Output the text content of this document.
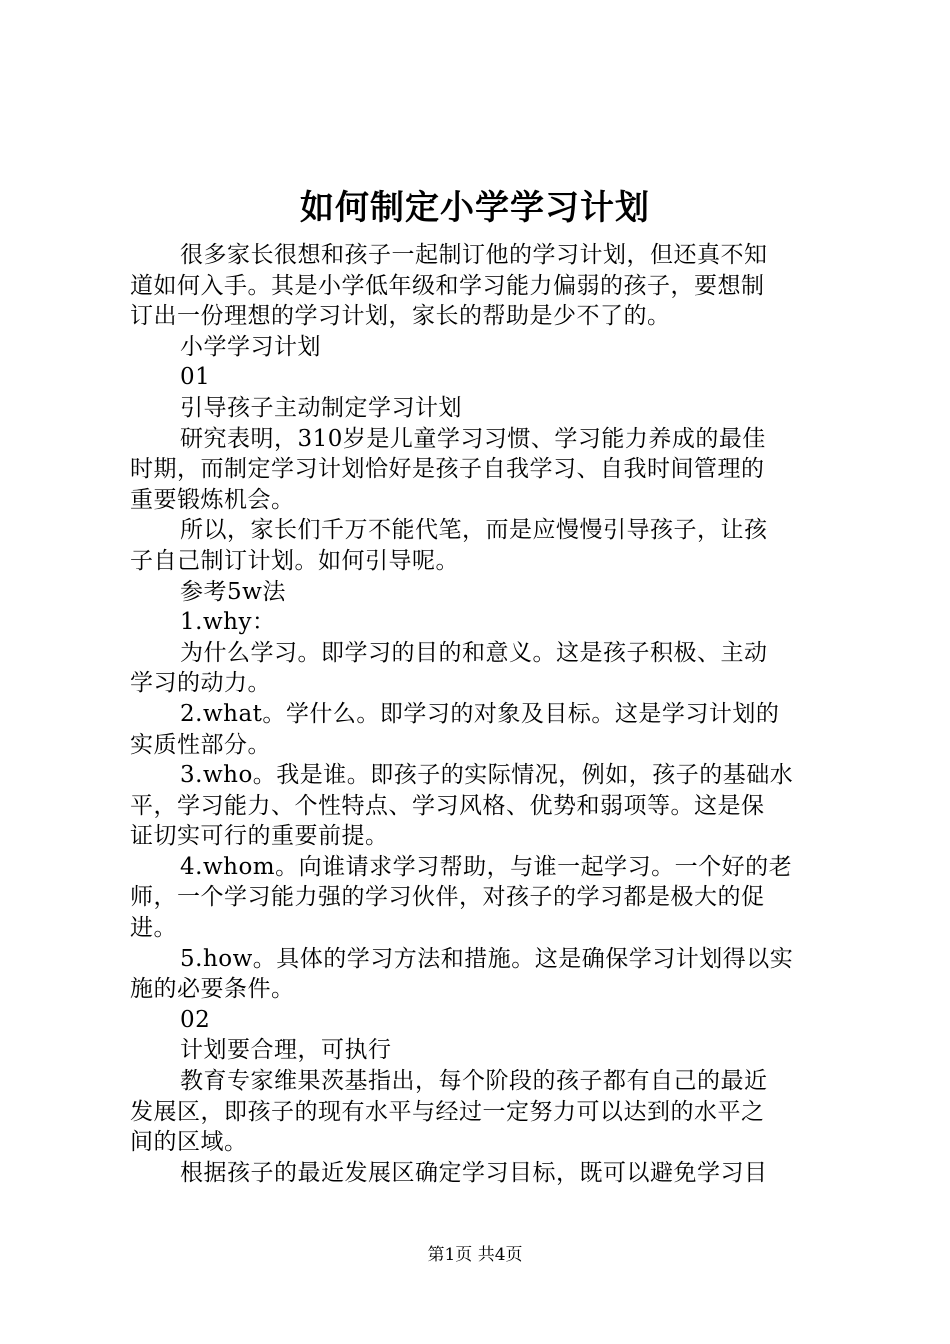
如何制定小学学习计划
很多家长很想和孩子一起制订他的学习计划，但还真不知
道如何入手。其是小学低年级和学习能力偏弱的孩子，要想制
订出一份理想的学习计划，家长的帮助是少不了的。
小学学习计划
01
引导孩子主动制定学习计划
研究表明，310岁是儿童学习习惯、学习能力养成的最佳
时期，而制定学习计划恰好是孩子自我学习、自我时间管理的
重要锻炼机会。
所以，家长们千万不能代笔，而是应慢慢引导孩子，让孩
子自己制订计划。如何引导呢。
参考5w法
1.why：
为什么学习。即学习的目的和意义。这是孩子积极、主动
学习的动力。
2.what。学什么。即学习的对象及目标。这是学习计划的
实质性部分。
3.who。我是谁。即孩子的实际情况，例如，孩子的基础水
平，学习能力、个性特点、学习风格、优势和弱项等。这是保
证切实可行的重要前提。
4.whom。向谁请求学习帮助，与谁一起学习。一个好的老
师，一个学习能力强的学习伙伴，对孩子的学习都是极大的促
进。
5.how。具体的学习方法和措施。这是确保学习计划得以实
施的必要条件。
02
计划要合理，可执行
教育专家维果茨基指出，每个阶段的孩子都有自己的最近
发展区，即孩子的现有水平与经过一定努力可以达到的水平之
间的区域。
根据孩子的最近发展区确定学习目标，既可以避免学习目
第1页 共4页
